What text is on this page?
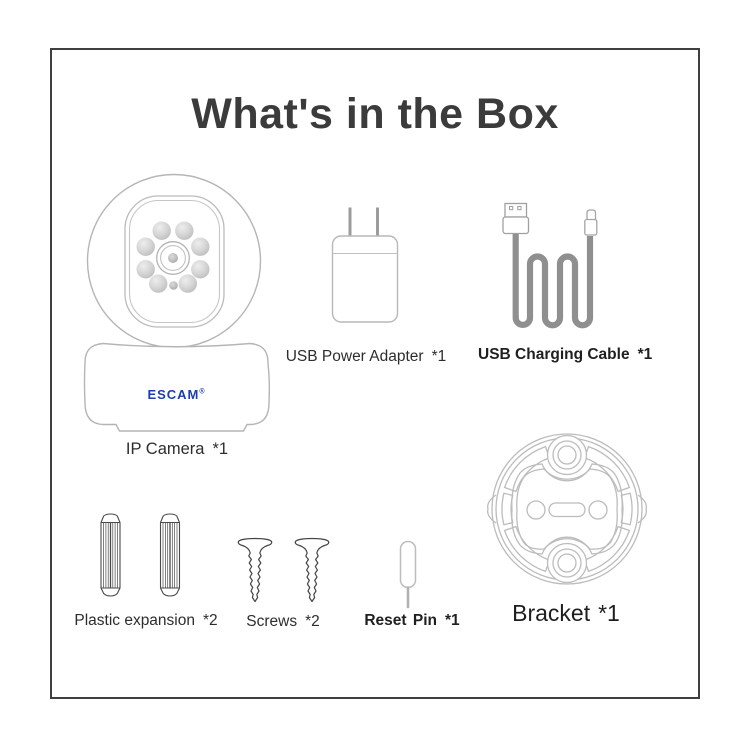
What's in the Box
ESCAM®
IP Camera *1
USB Power Adapter *1	USB Charging Cable *1
Plastic expansion *2	Screws *2	Reset Pin *1	Bracket *1
